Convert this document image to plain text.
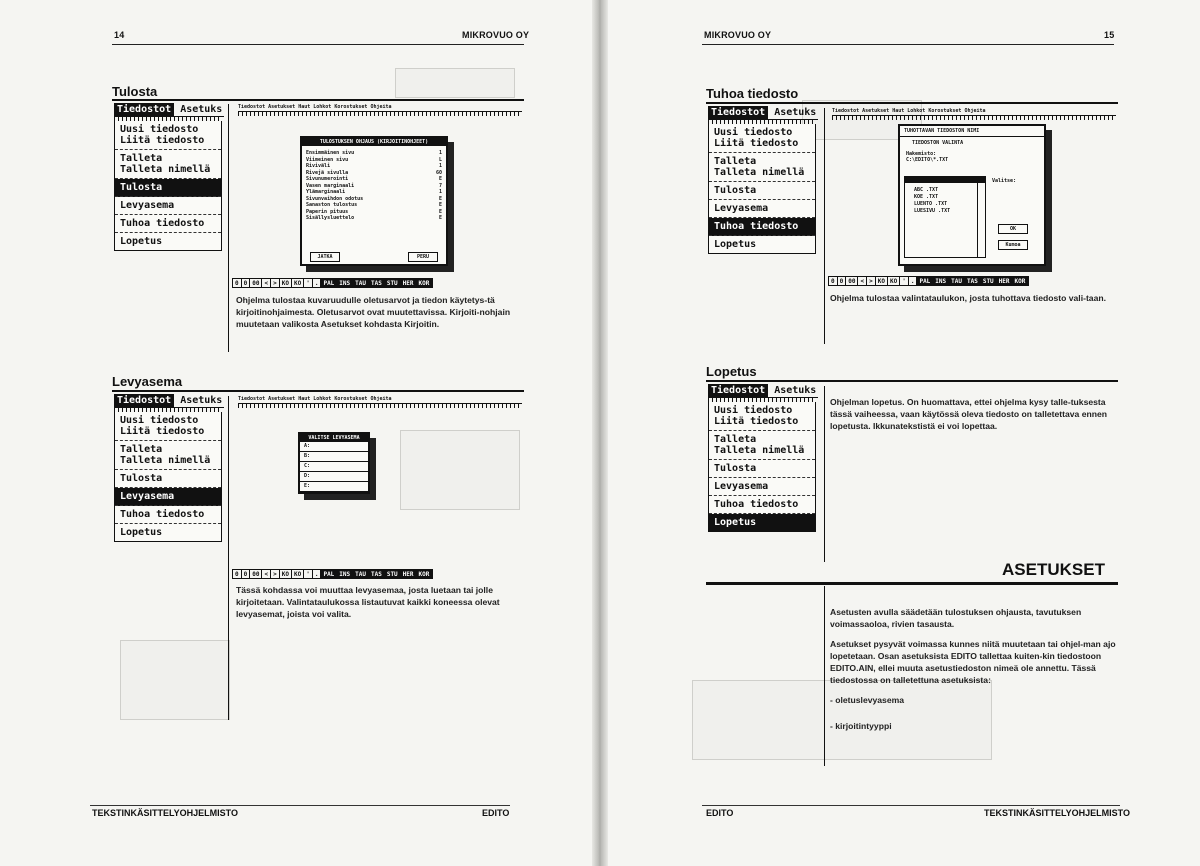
14	MIKROVUO OY
Tulosta
Tiedostot Asetuks
Uusi tiedosto
Liitä tiedosto
Talleta
Talleta nimellä
Tulosta
Levyasema
Tuhoa tiedosto
Lopetus
Tiedostot Asetukset Haut Lohkot Korostukset Ohjeita
TULOSTUKSEN OHJAUS (KIRJOITINOHJEET)
Ensimmäinen sivu	1
Viimeinen sivu	L
Riviväli	1
Rivejä sivulla	60
Sivunumerointi	E
Vasen marginaali	7
Ylämarginaali	1
Sivunvaihdon odotus	E
Sanaston tulostus	E
Paperin pituus	E
Sisällysluettelo	E
JATKA	PERU
0 0 00 < > KO KO ' . PAL INS TAU TAS STU HER KOR
Ohjelma tulostaa kuvaruudulle oletusarvot ja tiedon käytetys-tä kirjoitinohjaimesta. Oletusarvot ovat muutettavissa. Kirjoiti-nohjain muutetaan valikosta Asetukset kohdasta Kirjoitin.
Levyasema
Tiedostot Asetuks
Uusi tiedosto
Liitä tiedosto
Talleta
Talleta nimellä
Tulosta
Levyasema
Tuhoa tiedosto
Lopetus
Tiedostot Asetukset Haut Lohkot Korostukset Ohjeita
VALITSE LEVYASEMA
A:
B:
C:
D:
E:
0 0 00 < > KO KO ' . PAL INS TAU TAS STU HER KOR
Tässä kohdassa voi muuttaa levyasemaa, josta luetaan tai jolle kirjoitetaan. Valintataulukossa listautuvat kaikki koneessa olevat levyasemat, joista voi valita.
TEKSTINKÄSITTELYOHJELMISTO	EDITO
MIKROVUO OY	15
Tuhoa tiedosto
Tiedostot Asetuks
Uusi tiedosto
Liitä tiedosto
Talleta
Talleta nimellä
Tulosta
Levyasema
Tuhoa tiedosto
Lopetus
Tiedostot Asetukset Haut Lohkot Korostukset Ohjeita
TUHOTTAVAN TIEDOSTON NIMI
TIEDOSTON VALINTA
Hakemisto:
C:\EDITO\*.TXT
ABC .TXT
KOE .TXT
LUENTO .TXT
LUESIVU .TXT
Valitse:
OK
Kumoa
0 0 00 < > KO KO ' . PAL INS TAU TAS STU HER KOR
Ohjelma tulostaa valintataulukon, josta tuhottava tiedosto vali-taan.
Lopetus
Tiedostot Asetuks
Uusi tiedosto
Liitä tiedosto
Talleta
Talleta nimellä
Tulosta
Levyasema
Tuhoa tiedosto
Lopetus
Ohjelman lopetus. On huomattava, ettei ohjelma kysy talle-tuksesta tässä vaiheessa, vaan käytössä oleva tiedosto on talletettava ennen lopetusta. Ikkunatekstistä ei voi lopettaa.
ASETUKSET

Asetusten avulla säädetään tulostuksen ohjausta, tavutuksen voimassaoloa, rivien tasausta.

Asetukset pysyvät voimassa kunnes niitä muutetaan tai ohjel-man ajo lopetetaan. Osan asetuksista EDITO tallettaa kuiten-kin tiedostoon EDITO.AIN, ellei muuta asetustiedoston nimeä ole annettu. Tässä tiedostossa on talletettuna asetuksista:

- oletuslevyasema

- kirjoitintyyppi

EDITO	TEKSTINKÄSITTELYOHJELMISTO
